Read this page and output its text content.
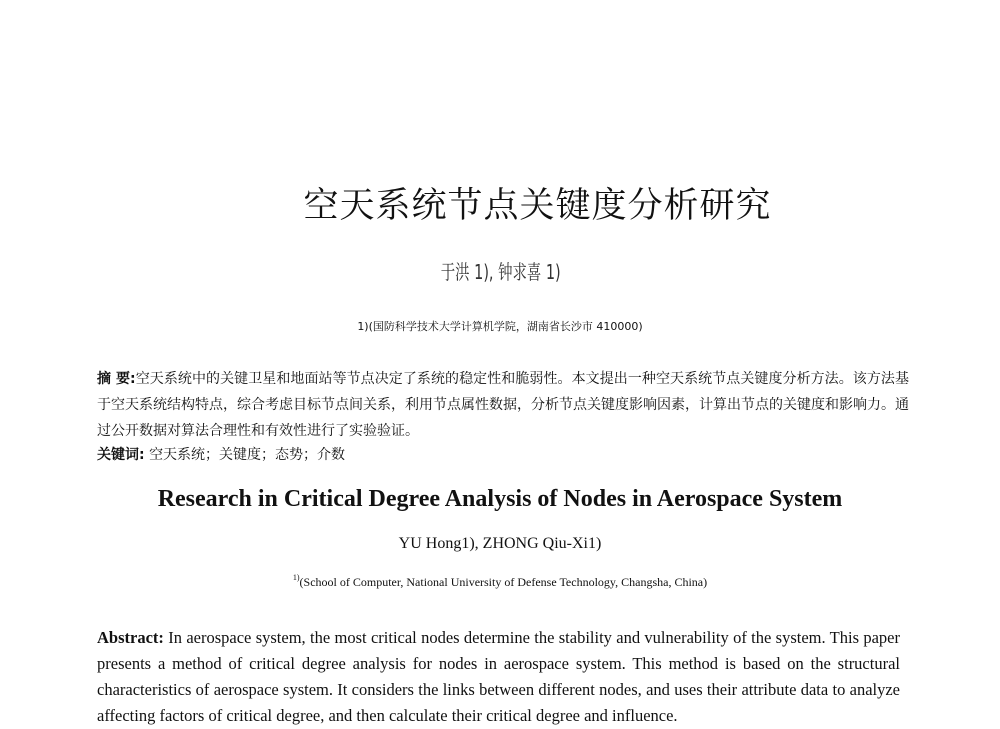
空天系统节点关键度分析研究
于洪 1), 钟求喜 1)
1)(国防科学技术大学计算机学院，湖南省长沙市 410000)
摘 要:空天系统中的关键卫星和地面站等节点决定了系统的稳定性和脆弱性。本文提出一种空天系统节点关键度分析方法。该方法基于空天系统结构特点，综合考虑目标节点间关系，利用节点属性数据，分析节点关键度影响因素，计算出节点的关键度和影响力。通过公开数据对算法合理性和有效性进行了实验验证。
关键词: 空天系统；关键度；态势；介数
Research in Critical Degree Analysis of Nodes in Aerospace System
YU Hong1), ZHONG Qiu-Xi1)
$^{1)}$(School of Computer, National University of Defense Technology, Changsha, China)
Abstract: In aerospace system, the most critical nodes determine the stability and vulnerability of the system. This paper presents a method of critical degree analysis for nodes in aerospace system. This method is based on the structural characteristics of aerospace system. It considers the links between different nodes, and uses their attribute data to analyze affecting factors of critical degree, and then calculate their critical degree and influence.
